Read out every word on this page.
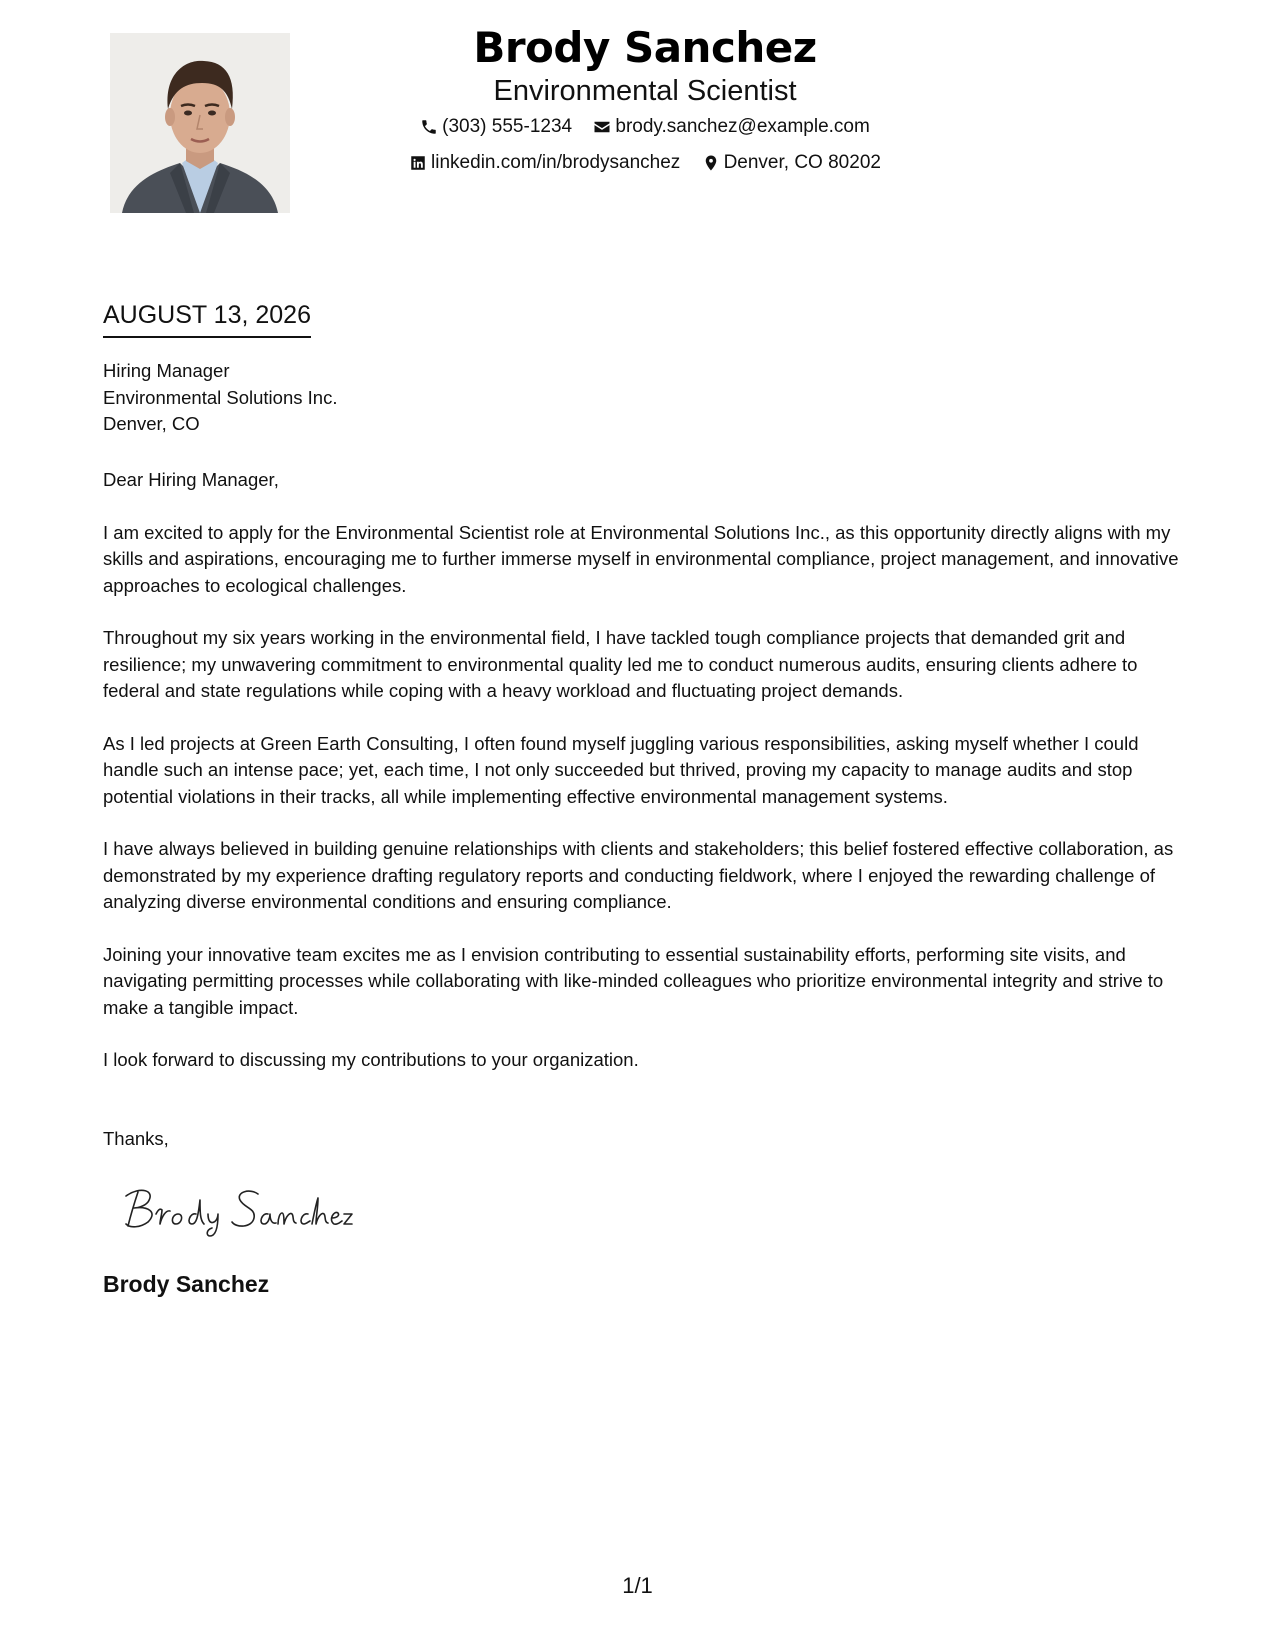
Brody Sanchez
Environmental Scientist
(303) 555-1234
brody.sanchez@example.com
linkedin.com/in/brodysanchez
Denver, CO 80202
AUGUST 13, 2026
Hiring Manager
Environmental Solutions Inc.
Denver, CO

Dear Hiring Manager,

I am excited to apply for the Environmental Scientist role at Environmental Solutions Inc., as this opportunity directly aligns with my skills and aspirations, encouraging me to further immerse myself in environmental compliance, project management, and innovative approaches to ecological challenges.

Throughout my six years working in the environmental field, I have tackled tough compliance projects that demanded grit and resilience; my unwavering commitment to environmental quality led me to conduct numerous audits, ensuring clients adhere to federal and state regulations while coping with a heavy workload and fluctuating project demands.

As I led projects at Green Earth Consulting, I often found myself juggling various responsibilities, asking myself whether I could handle such an intense pace; yet, each time, I not only succeeded but thrived, proving my capacity to manage audits and stop potential violations in their tracks, all while implementing effective environmental management systems.

I have always believed in building genuine relationships with clients and stakeholders; this belief fostered effective collaboration, as demonstrated by my experience drafting regulatory reports and conducting fieldwork, where I enjoyed the rewarding challenge of analyzing diverse environmental conditions and ensuring compliance.

Joining your innovative team excites me as I envision contributing to essential sustainability efforts, performing site visits, and navigating permitting processes while collaborating with like-minded colleagues who prioritize environmental integrity and strive to make a tangible impact.

I look forward to discussing my contributions to your organization.

Thanks,
Brody Sanchez
1/1
